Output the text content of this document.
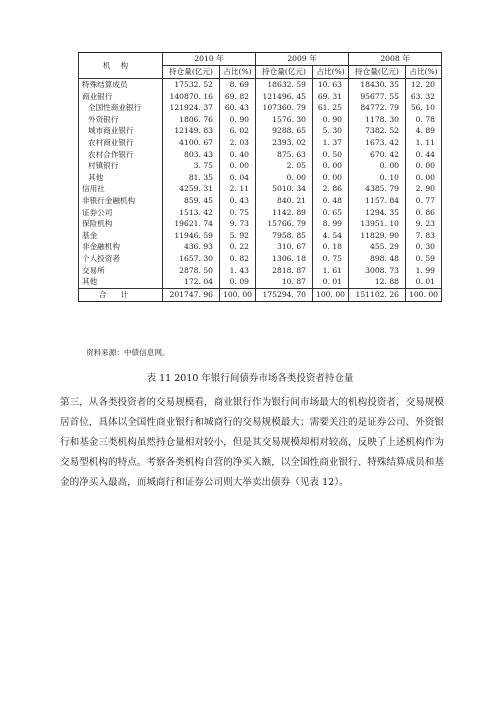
机构	2010 年		2009 年		2008 年	
	持仓量(亿元)	占比(%)	持仓量(亿元)	占比(%)	持仓量(亿元)	占比(%)
特殊结算成员	17532. 52	8. 69	18632. 59	10. 63	18430. 35	12. 20
商业银行	140870. 16	69. 82	121496. 45	69. 31	95677. 55	63. 32
全国性商业银行	121924. 37	60. 43	107360. 79	61. 25	84772. 79	56. 10
外资银行	1806. 76	0. 90	1576. 30	0. 90	1178. 30	0. 78
城市商业银行	12149. 83	6. 02	9288. 65	5. 30	7382. 52	4. 89
农村商业银行	4100. 67	2. 03	2393. 02	1. 37	1673. 42	1. 11
农村合作银行	803. 43	0. 40	875. 63	0. 50	670. 42	0. 44
村镇银行	3. 75	0. 00	2. 05	0. 00	0. 00	0. 00
其他	81. 35	0. 04	0. 00	0. 00	0. 10	0. 00
信用社	4259. 31	2. 11	5010. 34	2. 86	4385. 79	2. 90
非银行金融机构	859. 45	0. 43	840. 21	0. 48	1157. 84	0. 77
证券公司	1513. 42	0. 75	1142. 89	0. 65	1294. 35	0. 86
保险机构	19621. 74	9. 73	15766. 79	8. 99	13951. 10	9. 23
基金	11946. 59	5. 92	7958. 85	4. 54	11829. 90	7. 83
非金融机构	436. 93	0. 22	310. 67	0. 18	455. 29	0. 30
个人投资者	1657. 30	0. 82	1306. 18	0. 75	898. 48	0. 59
交易所	2878. 50	1. 43	2818. 87	1. 61	3008. 73	1. 99
其他	172. 04	0. 09	10. 87	0. 01	12. 88	0. 01
合计	201747. 96	100. 00	175294. 70	100. 00	151102. 26	100. 00
资料来源：中债信息网。
表 11 2010 年银行间债券市场各类投资者持仓量

第三，从各类投资者的交易规模看，商业银行作为银行间市场最大的机构投资者，交易规模居首位，具体以全国性商业银行和城商行的交易规模最大；需要关注的是证券公司、外资银行和基金三类机构虽然持仓量相对较小，但是其交易规模却相对较高，反映了上述机构作为交易型机构的特点。考察各类机构自营的净买入额，以全国性商业银行、特殊结算成员和基金的净买入最高，而城商行和证券公司则大举卖出债券（见表 12）。
